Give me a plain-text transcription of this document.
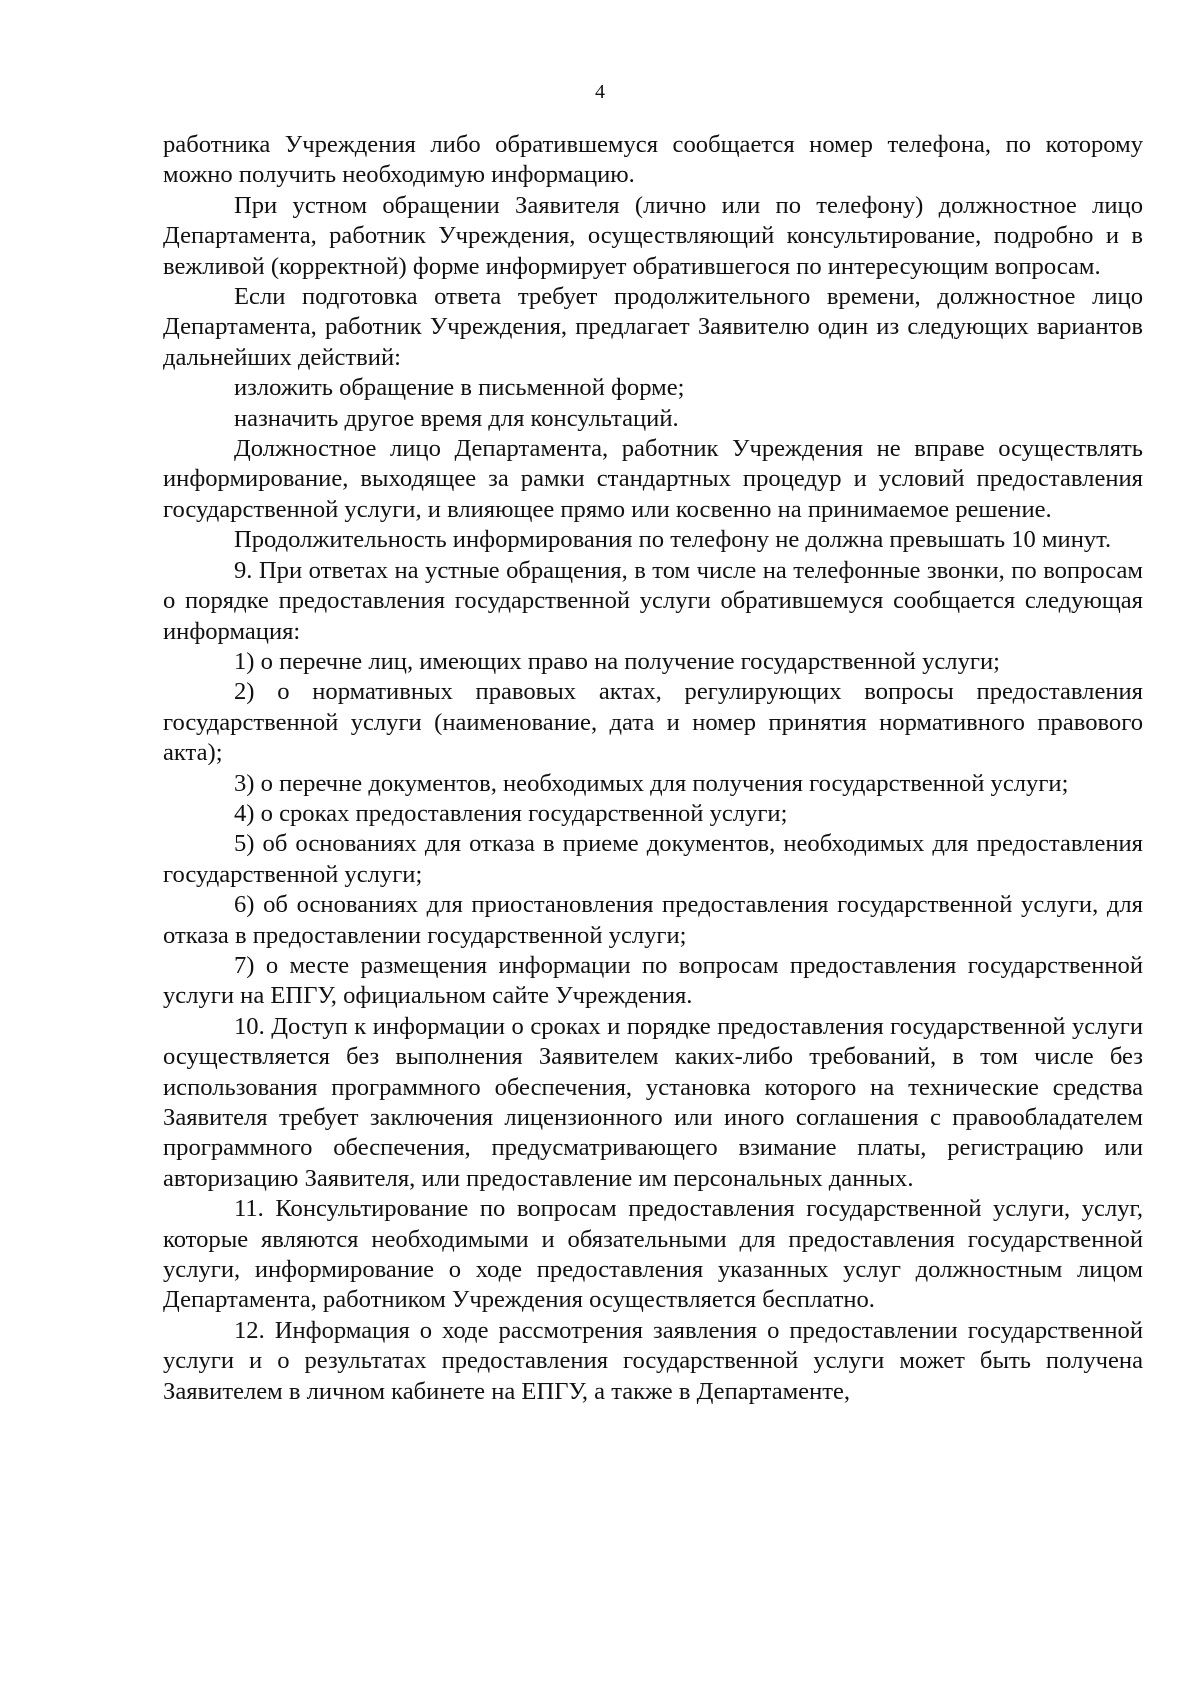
4

работника Учреждения либо обратившемуся сообщается номер телефона, по которому можно получить необходимую информацию.

При устном обращении Заявителя (лично или по телефону) должностное лицо Департамента, работник Учреждения, осуществляющий консультирование, подробно и в вежливой (корректной) форме информирует обратившегося по интересующим вопросам.

Если подготовка ответа требует продолжительного времени, должностное лицо Департамента, работник Учреждения, предлагает Заявителю один из следующих вариантов дальнейших действий:

изложить обращение в письменной форме;

назначить другое время для консультаций.

Должностное лицо Департамента, работник Учреждения не вправе осуществлять информирование, выходящее за рамки стандартных процедур и условий предоставления государственной услуги, и влияющее прямо или косвенно на принимаемое решение.

Продолжительность информирования по телефону не должна превышать 10 минут.

9. При ответах на устные обращения, в том числе на телефонные звонки, по вопросам о порядке предоставления государственной услуги обратившемуся сообщается следующая информация:

1) о перечне лиц, имеющих право на получение государственной услуги;

2) о нормативных правовых актах, регулирующих вопросы предоставления государственной услуги (наименование, дата и номер принятия нормативного правового акта);

3) о перечне документов, необходимых для получения государственной услуги;

4) о сроках предоставления государственной услуги;

5) об основаниях для отказа в приеме документов, необходимых для предоставления государственной услуги;

6) об основаниях для приостановления предоставления государственной услуги, для отказа в предоставлении государственной услуги;

7) о месте размещения информации по вопросам предоставления государственной услуги на ЕПГУ, официальном сайте Учреждения.

10. Доступ к информации о сроках и порядке предоставления государственной услуги осуществляется без выполнения Заявителем каких-либо требований, в том числе без использования программного обеспечения, установка которого на технические средства Заявителя требует заключения лицензионного или иного соглашения с правообладателем программного обеспечения, предусматривающего взимание платы, регистрацию или авторизацию Заявителя, или предоставление им персональных данных.

11. Консультирование по вопросам предоставления государственной услуги, услуг, которые являются необходимыми и обязательными для предоставления государственной услуги, информирование о ходе предоставления указанных услуг должностным лицом Департамента, работником Учреждения осуществляется бесплатно.

12. Информация о ходе рассмотрения заявления о предоставлении государственной услуги и о результатах предоставления государственной услуги может быть получена Заявителем в личном кабинете на ЕПГУ, а также в Департаменте,
